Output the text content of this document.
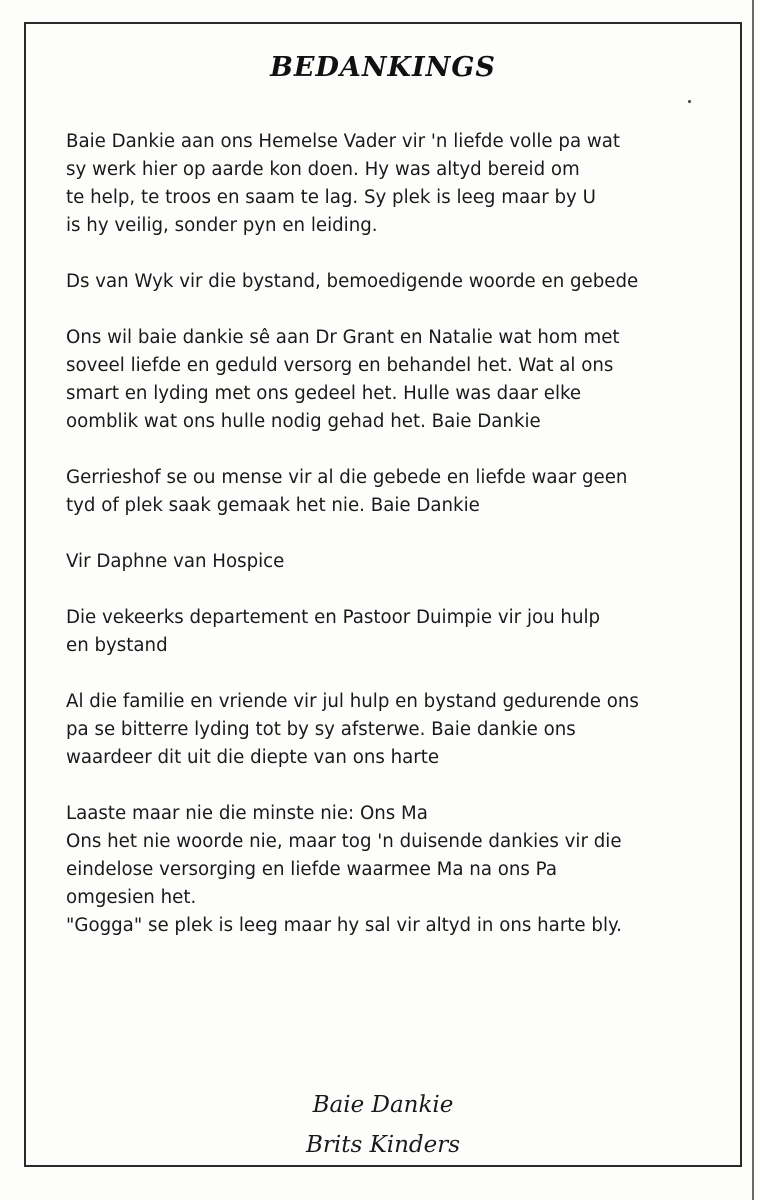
BEDANKINGS
Baie Dankie aan ons Hemelse Vader vir 'n liefde volle pa wat
sy werk hier op aarde kon doen. Hy was altyd bereid om
te help, te troos en saam te lag. Sy plek is leeg maar by U
is hy veilig, sonder pyn en leiding.
Ds van Wyk vir die bystand, bemoedigende woorde en gebede
Ons wil baie dankie sê aan Dr Grant en Natalie wat hom met
soveel liefde en geduld versorg en behandel het. Wat al ons
smart en lyding met ons gedeel het. Hulle was daar elke
oomblik wat ons hulle nodig gehad het. Baie Dankie
Gerrieshof se ou mense vir al die gebede en liefde waar geen
tyd of plek saak gemaak het nie. Baie Dankie
Vir Daphne van Hospice
Die vekeerks departement en Pastoor Duimpie vir jou hulp
en bystand
Al die familie en vriende vir jul hulp en bystand gedurende ons
pa se bitterre lyding tot by sy afsterwe. Baie dankie ons
waardeer dit uit die diepte van ons harte
Laaste maar nie die minste nie: Ons Ma
Ons het nie woorde nie, maar tog 'n duisende dankies vir die
eindelose versorging en liefde waarmee Ma na ons Pa
omgesien het.
"Gogga" se plek is leeg maar hy sal vir altyd in ons harte bly.
Baie Dankie
Brits Kinders
